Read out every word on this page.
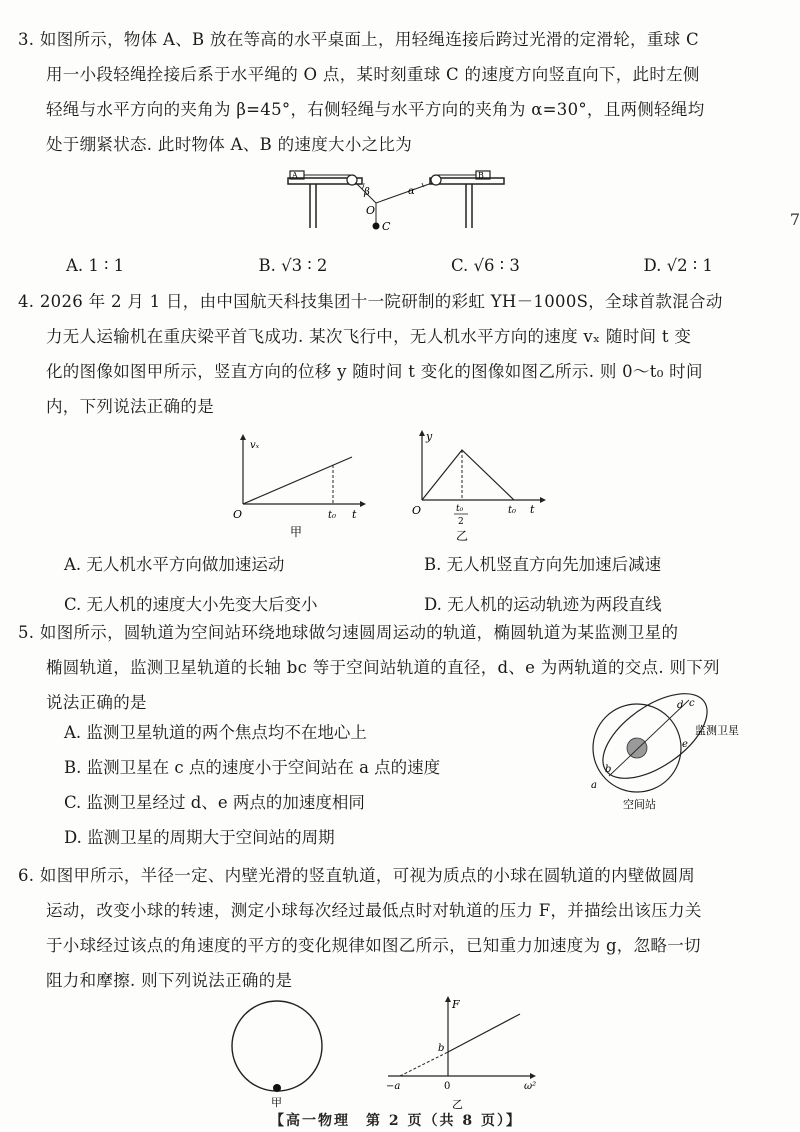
3. 如图所示，物体 A、B 放在等高的水平桌面上，用轻绳连接后跨过光滑的定滑轮，重球 C

用一小段轻绳拴接后系于水平绳的 O 点，某时刻重球 C 的速度方向竖直向下，此时左侧

轻绳与水平方向的夹角为 β=45°，右侧轻绳与水平方向的夹角为 α=30°，且两侧轻绳均

处于绷紧状态. 此时物体 A、B 的速度大小之比为

A	B
β	α
O
C
A. 1 ∶ 1	B. √3 ∶ 2	C. √6 ∶ 3	D. √2 ∶ 1

4. 2026 年 2 月 1 日，由中国航天科技集团十一院研制的彩虹 YH－1000S，全球首款混合动

力无人运输机在重庆梁平首飞成功. 某次飞行中，无人机水平方向的速度 vₓ 随时间 t 变

化的图像如图甲所示，竖直方向的位移 y 随时间 t 变化的图像如图乙所示. 则 0～t₀ 时间

内，下列说法正确的是

vₓ
O	t₀ t
甲
y
O	t₀
2
t₀ t
乙
A. 无人机水平方向做加速运动	B. 无人机竖直方向先加速后减速
C. 无人机的速度大小先变大后变小	D. 无人机的运动轨迹为两段直线

5. 如图所示，圆轨道为空间站环绕地球做匀速圆周运动的轨道，椭圆轨道为某监测卫星的

椭圆轨道，监测卫星轨道的长轴 bc 等于空间站轨道的直径，d、e 为两轨道的交点. 则下列

说法正确的是

A. 监测卫星轨道的两个焦点均不在地心上
B. 监测卫星在 c 点的速度小于空间站在 a 点的速度
C. 监测卫星经过 d、e 两点的加速度相同
D. 监测卫星的周期大于空间站的周期
d c
e
b
a
监测卫星
空间站

6. 如图甲所示，半径一定、内壁光滑的竖直轨道，可视为质点的小球在圆轨道的内壁做圆周

运动，改变小球的转速，测定小球每次经过最低点时对轨道的压力 F，并描绘出该压力关

于小球经过该点的角速度的平方的变化规律如图乙所示，已知重力加速度为 g，忽略一切

阻力和摩擦. 则下列说法正确的是

甲
F
b
−a	0	ω²
乙
7
【高一物理　第 2 页（共 8 页）】
